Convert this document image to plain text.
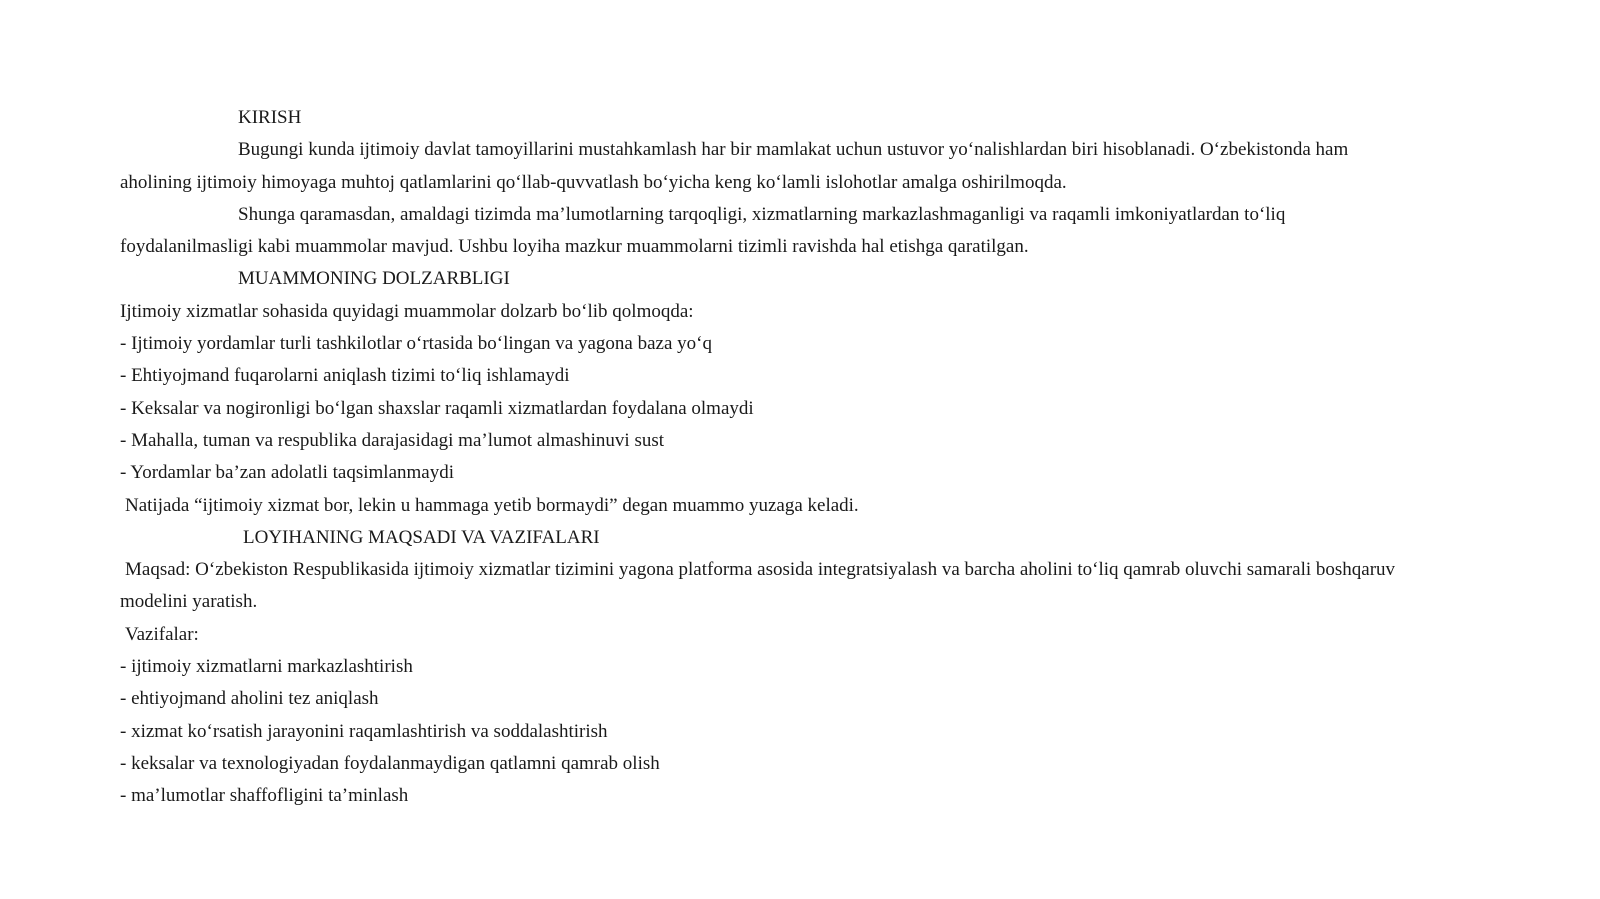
KIRISH
Bugungi kunda ijtimoiy davlat tamoyillarini mustahkamlash har bir mamlakat uchun ustuvor yo‘nalishlardan biri hisoblanadi. O‘zbekistonda ham
aholining ijtimoiy himoyaga muhtoj qatlamlarini qo‘llab-quvvatlash bo‘yicha keng ko‘lamli islohotlar amalga oshirilmoqda.
Shunga qaramasdan, amaldagi tizimda ma’lumotlarning tarqoqligi, xizmatlarning markazlashmaganligi va raqamli imkoniyatlardan to‘liq
foydalanilmasligi kabi muammolar mavjud. Ushbu loyiha mazkur muammolarni tizimli ravishda hal etishga qaratilgan.
MUAMMONING DOLZARBLIGI
Ijtimoiy xizmatlar sohasida quyidagi muammolar dolzarb bo‘lib qolmoqda:
- Ijtimoiy yordamlar turli tashkilotlar o‘rtasida bo‘lingan va yagona baza yo‘q
- Ehtiyojmand fuqarolarni aniqlash tizimi to‘liq ishlamaydi
- Keksalar va nogironligi bo‘lgan shaxslar raqamli xizmatlardan foydalana olmaydi
- Mahalla, tuman va respublika darajasidagi ma’lumot almashinuvi sust
- Yordamlar ba’zan adolatli taqsimlanmaydi
Natijada “ijtimoiy xizmat bor, lekin u hammaga yetib bormaydi” degan muammo yuzaga keladi.
LOYIHANING MAQSADI VA VAZIFALARI
Maqsad: O‘zbekiston Respublikasida ijtimoiy xizmatlar tizimini yagona platforma asosida integratsiyalash va barcha aholini to‘liq qamrab oluvchi samarali boshqaruv
modelini yaratish.
Vazifalar:
- ijtimoiy xizmatlarni markazlashtirish
- ehtiyojmand aholini tez aniqlash
- xizmat ko‘rsatish jarayonini raqamlashtirish va soddalashtirish
- keksalar va texnologiyadan foydalanmaydigan qatlamni qamrab olish
- ma’lumotlar shaffofligini ta’minlash
